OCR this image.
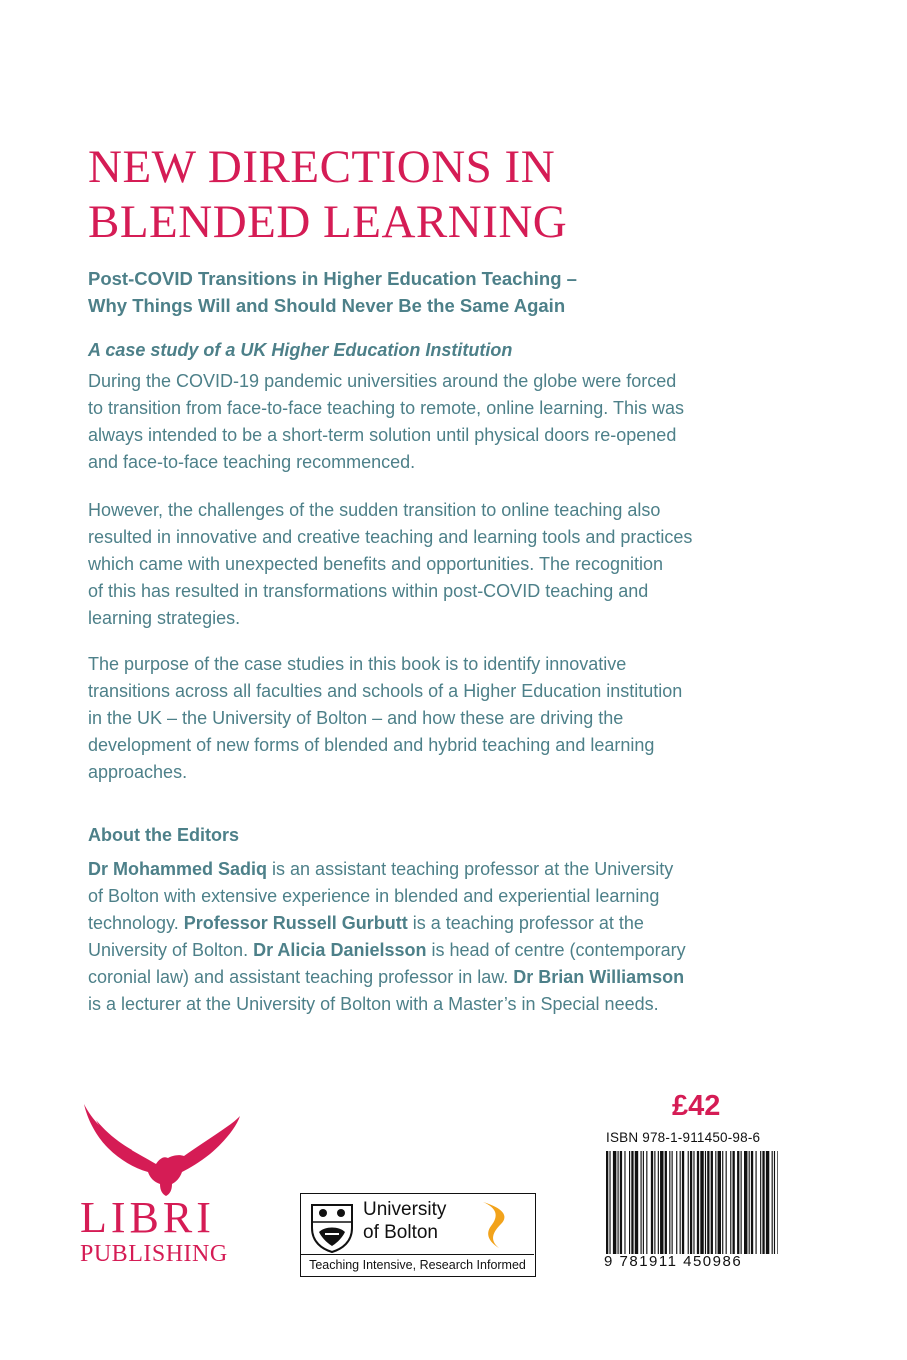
NEW DIRECTIONS IN
BLENDED LEARNING
Post-COVID Transitions in Higher Education Teaching –
Why Things Will and Should Never Be the Same Again
A case study of a UK Higher Education Institution
During the COVID-19 pandemic universities around the globe were forced
to transition from face-to-face teaching to remote, online learning. This was
always intended to be a short-term solution until physical doors re-opened
and face-to-face teaching recommenced.
However, the challenges of the sudden transition to online teaching also
resulted in innovative and creative teaching and learning tools and practices
which came with unexpected benefits and opportunities. The recognition
of this has resulted in transformations within post-COVID teaching and
learning strategies.
The purpose of the case studies in this book is to identify innovative
transitions across all faculties and schools of a Higher Education institution
in the UK – the University of Bolton – and how these are driving the
development of new forms of blended and hybrid teaching and learning
approaches.
About the Editors
Dr Mohammed Sadiq is an assistant teaching professor at the University
of Bolton with extensive experience in blended and experiential learning
technology. Professor Russell Gurbutt is a teaching professor at the
University of Bolton. Dr Alicia Danielsson is head of centre (contemporary
coronial law) and assistant teaching professor in law. Dr Brian Williamson
is a lecturer at the University of Bolton with a Master’s in Special needs.
LIBRI
PUBLISHING
University
of Bolton
Teaching Intensive, Research Informed
£42
ISBN 978-1-911450-98-6
9 781911 450986
